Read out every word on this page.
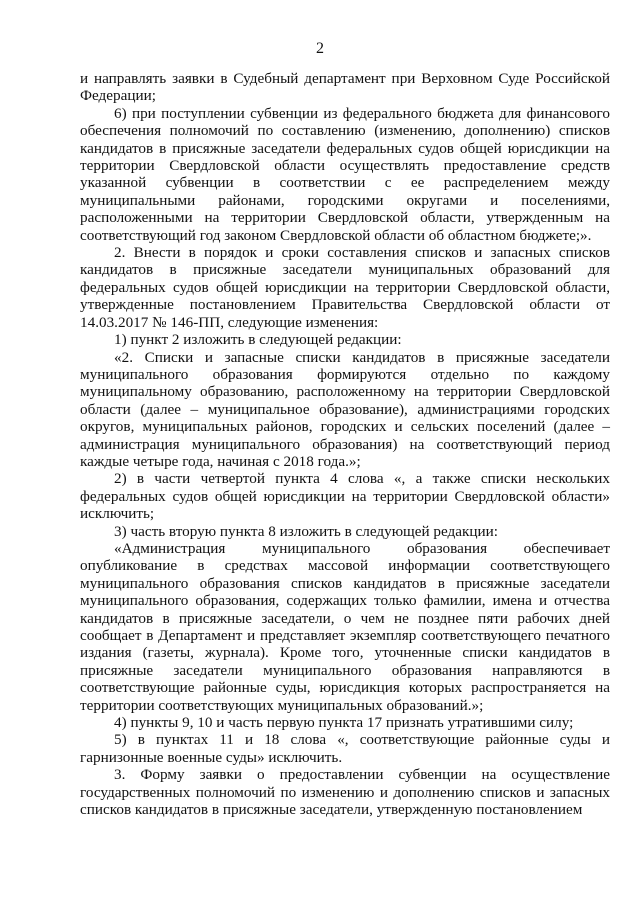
2

и направлять заявки в Судебный департамент при Верховном Суде Российской Федерации;

6) при поступлении субвенции из федерального бюджета для финансового обеспечения полномочий по составлению (изменению, дополнению) списков кандидатов в присяжные заседатели федеральных судов общей юрисдикции на территории Свердловской области осуществлять предоставление средств указанной субвенции в соответствии с ее распределением между муниципальными районами, городскими округами и поселениями, расположенными на территории Свердловской области, утвержденным на соответствующий год законом Свердловской области об областном бюджете;».

2. Внести в порядок и сроки составления списков и запасных списков кандидатов в присяжные заседатели муниципальных образований для федеральных судов общей юрисдикции на территории Свердловской области, утвержденные постановлением Правительства Свердловской области от 14.03.2017 № 146-ПП, следующие изменения:

1) пункт 2 изложить в следующей редакции:

«2. Списки и запасные списки кандидатов в присяжные заседатели муниципального образования формируются отдельно по каждому муниципальному образованию, расположенному на территории Свердловской области (далее – муниципальное образование), администрациями городских округов, муниципальных районов, городских и сельских поселений (далее – администрация муниципального образования) на соответствующий период каждые четыре года, начиная с 2018 года.»;

2) в части четвертой пункта 4 слова «, а также списки нескольких федеральных судов общей юрисдикции на территории Свердловской области» исключить;

3) часть вторую пункта 8 изложить в следующей редакции:

«Администрация муниципального образования обеспечивает опубликование в средствах массовой информации соответствующего муниципального образования списков кандидатов в присяжные заседатели муниципального образования, содержащих только фамилии, имена и отчества кандидатов в присяжные заседатели, о чем не позднее пяти рабочих дней сообщает в Департамент и представляет экземпляр соответствующего печатного издания (газеты, журнала). Кроме того, уточненные списки кандидатов в присяжные заседатели муниципального образования направляются в соответствующие районные суды, юрисдикция которых распространяется на территории соответствующих муниципальных образований.»;

4) пункты 9, 10 и часть первую пункта 17 признать утратившими силу;

5) в пунктах 11 и 18 слова «, соответствующие районные суды и гарнизонные военные суды» исключить.

3. Форму заявки о предоставлении субвенции на осуществление государственных полномочий по изменению и дополнению списков и запасных списков кандидатов в присяжные заседатели, утвержденную постановлением
